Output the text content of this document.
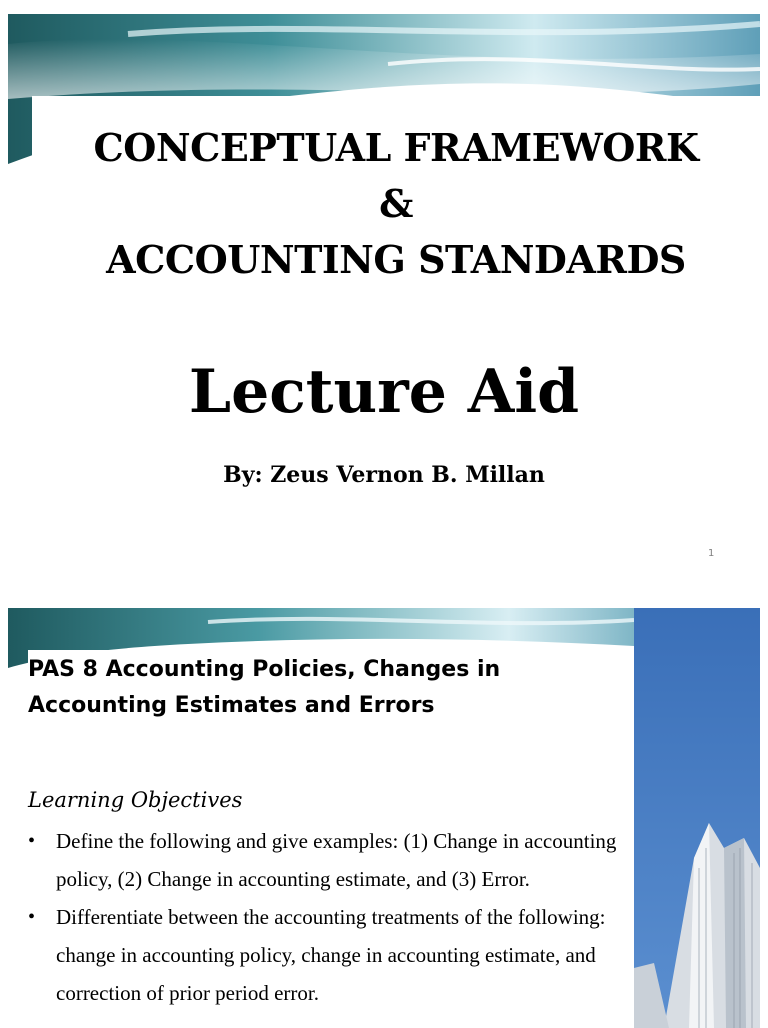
CONCEPTUAL FRAMEWORK
&
ACCOUNTING STANDARDS
Lecture Aid
By: Zeus Vernon B. Millan
1
PAS 8 Accounting Policies, Changes in
Accounting Estimates and Errors
Learning Objectives
• Define the following and give examples: (1) Change in accounting policy, (2) Change in accounting estimate, and (3) Error.
• Differentiate between the accounting treatments of the following: change in accounting policy, change in accounting estimate, and correction of prior period error.
